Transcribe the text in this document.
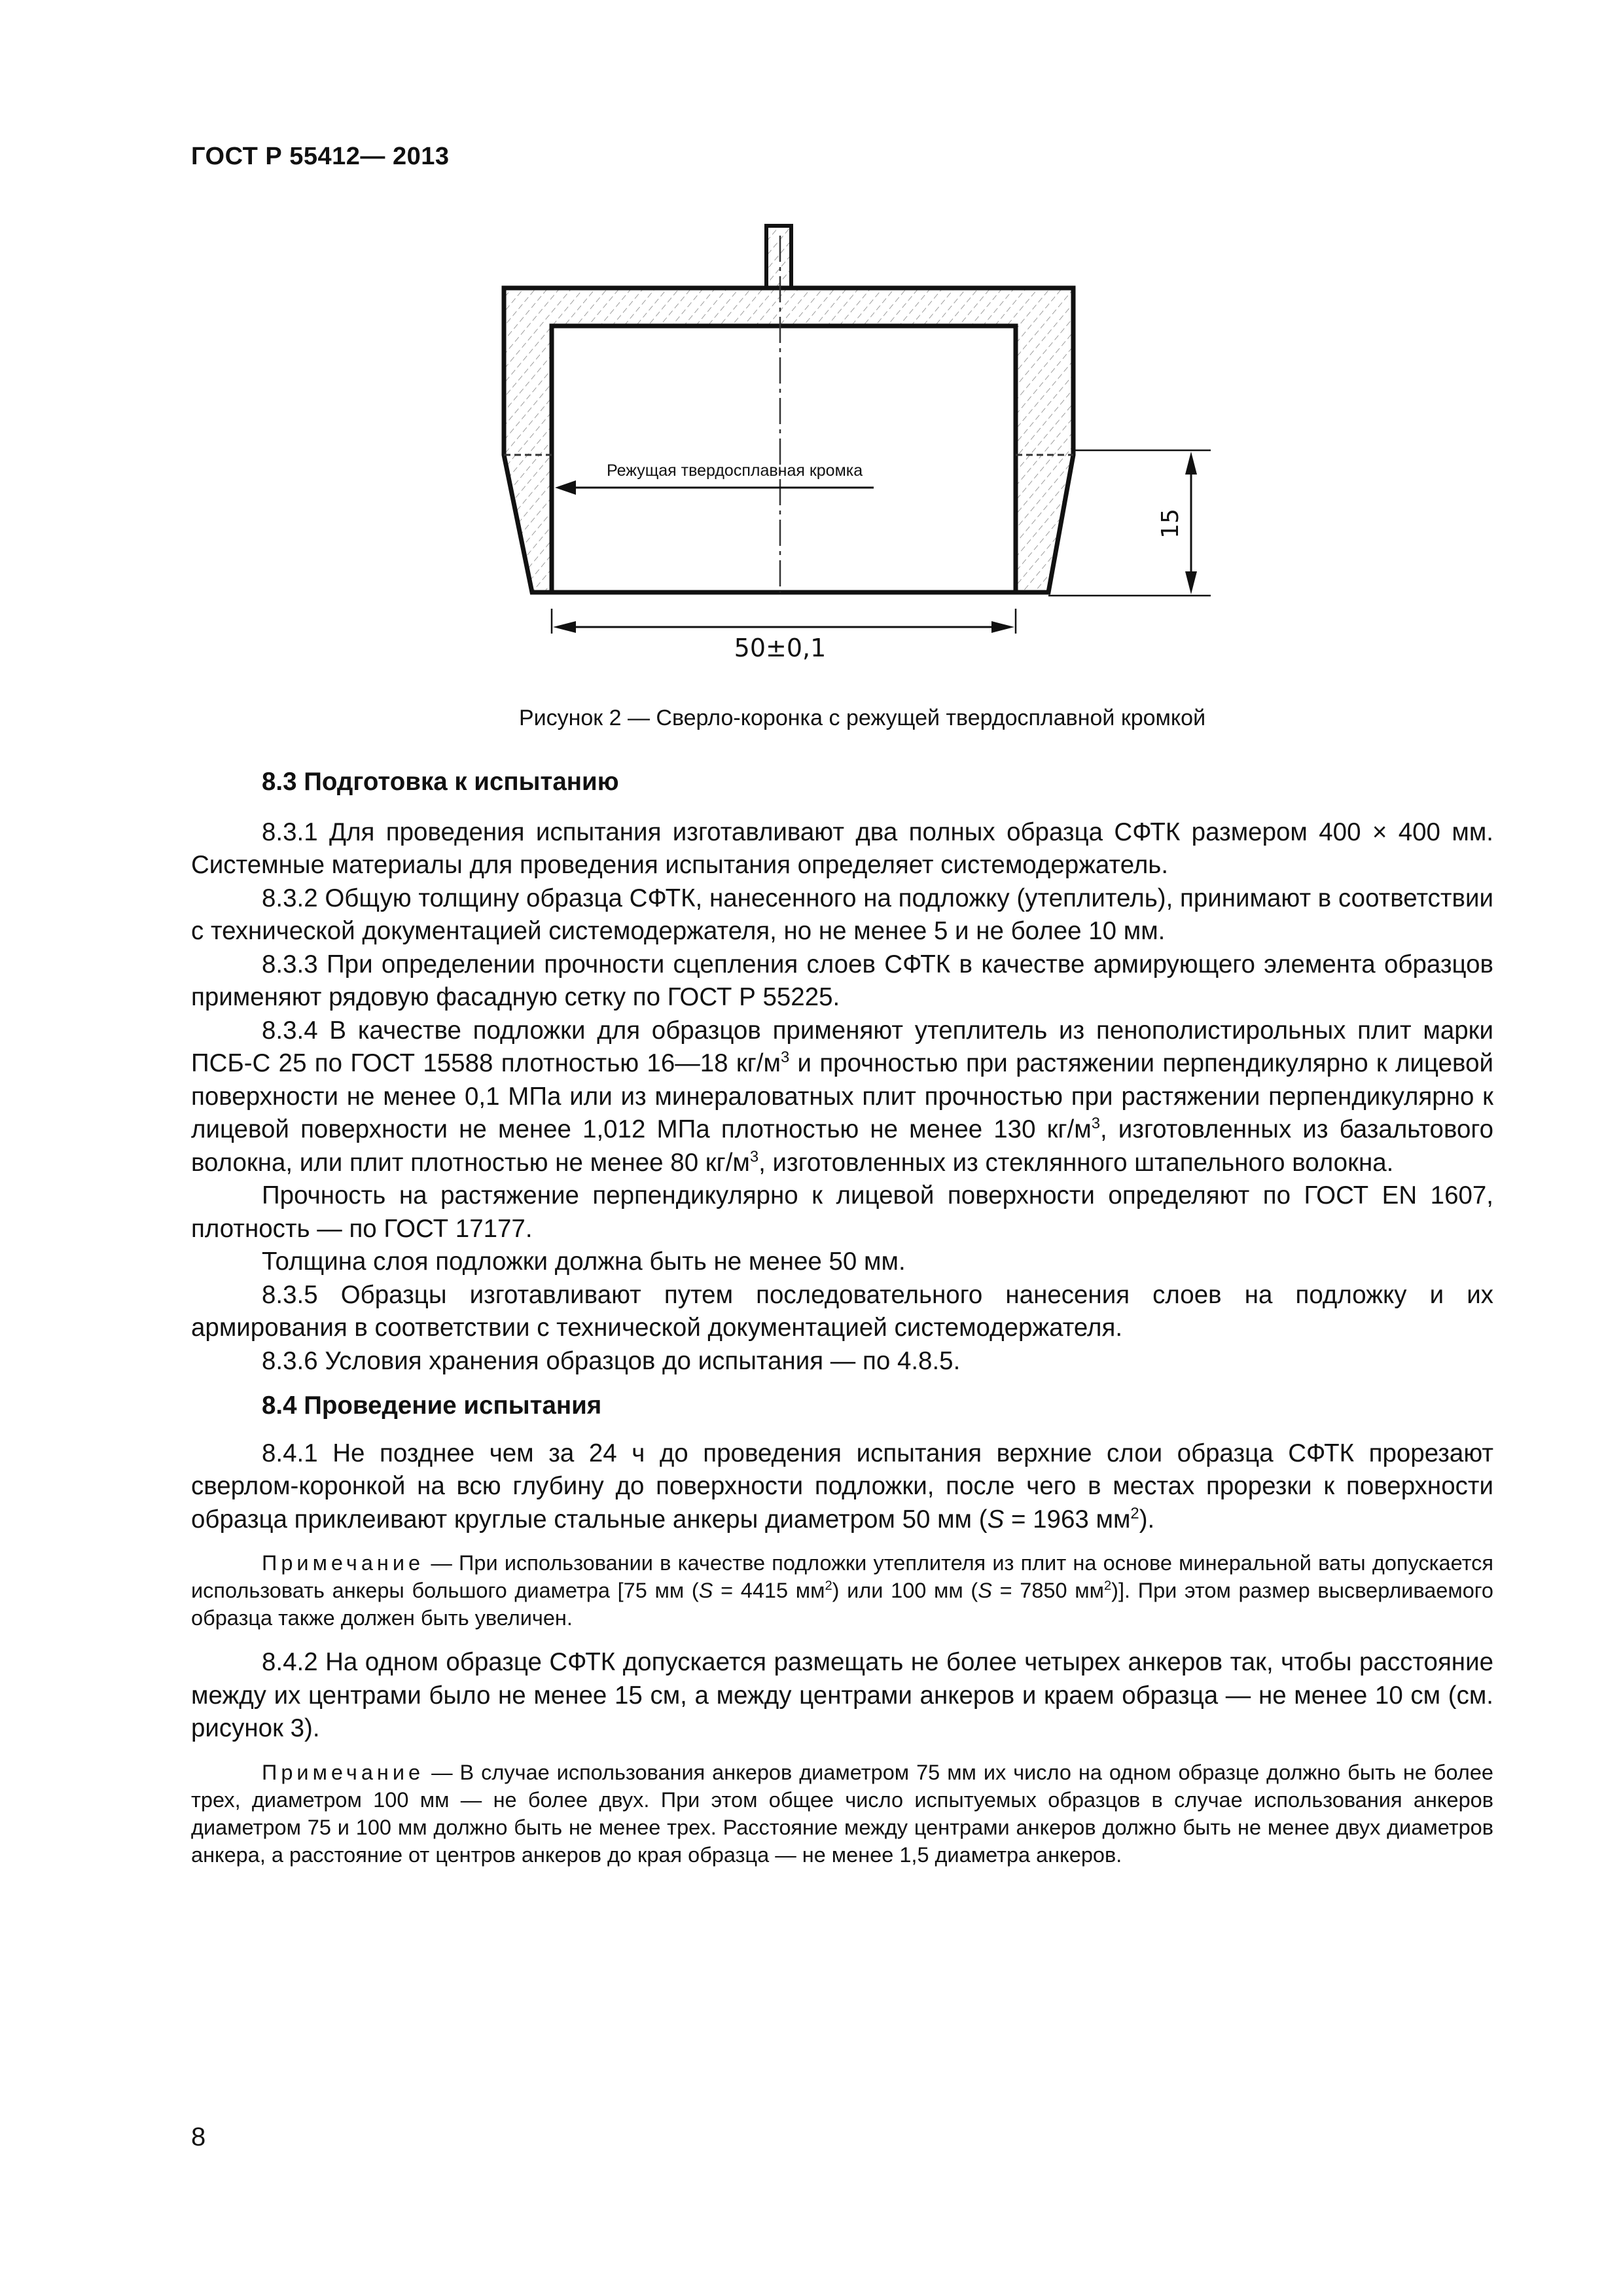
ГОСТ Р 55412— 2013
Режущая твердосплавная кромка
15
50±0,1
Рисунок 2 — Сверло-коронка с режущей твердосплавной кромкой
8.3 Подготовка к испытанию

8.3.1 Для проведения испытания изготавливают два полных образца СФТК размером 400 × 400 мм. Системные материалы для проведения испытания определяет системодержатель.

8.3.2 Общую толщину образца СФТК, нанесенного на подложку (утеплитель), принимают в соответствии с технической документацией системодержателя, но не менее 5 и не более 10 мм.

8.3.3 При определении прочности сцепления слоев СФТК в качестве армирующего элемента образцов применяют рядовую фасадную сетку по ГОСТ Р 55225.

8.3.4 В качестве подложки для образцов применяют утеплитель из пенополистирольных плит марки ПСБ-С 25 по ГОСТ 15588 плотностью 16—18 $кг/м^3$ и прочностью при растяжении перпендикулярно к лицевой поверхности не менее 0,1 МПа или из минераловатных плит прочностью при растяжении перпендикулярно к лицевой поверхности не менее 1,012 МПа плотностью не менее 130 $кг/м^3$, изготовленных из базальтового волокна, или плит плотностью не менее 80 $кг/м^3$, изготовленных из стеклянного штапельного волокна.

Прочность на растяжение перпендикулярно к лицевой поверхности определяют по ГОСТ EN 1607, плотность — по ГОСТ 17177.

Толщина слоя подложки должна быть не менее 50 мм.

8.3.5 Образцы изготавливают путем последовательного нанесения слоев на подложку и их армирования в соответствии с технической документацией системодержателя.

8.3.6 Условия хранения образцов до испытания — по 4.8.5.

8.4 Проведение испытания

8.4.1 Не позднее чем за 24 ч до проведения испытания верхние слои образца СФТК прорезают сверлом-коронкой на всю глубину до поверхности подложки, после чего в местах прорезки к поверхности образца приклеивают круглые стальные анкеры диаметром 50 мм (S = 1963 $мм^2$).

Примечание — При использовании в качестве подложки утеплителя из плит на основе минеральной ваты допускается использовать анкеры большого диаметра [75 мм (S = 4415 $мм^2$) или 100 мм (S = 7850 $мм^2$)]. При этом размер высверливаемого образца также должен быть увеличен.

8.4.2 На одном образце СФТК допускается размещать не более четырех анкеров так, чтобы расстояние между их центрами было не менее 15 см, а между центрами анкеров и краем образца — не менее 10 см (см. рисунок 3).

Примечание — В случае использования анкеров диаметром 75 мм их число на одном образце должно быть не более трех, диаметром 100 мм — не более двух. При этом общее число испытуемых образцов в случае использования анкеров диаметром 75 и 100 мм должно быть не менее трех. Расстояние между центрами анкеров должно быть не менее двух диаметров анкера, а расстояние от центров анкеров до края образца — не менее 1,5 диаметра анкеров.

8
